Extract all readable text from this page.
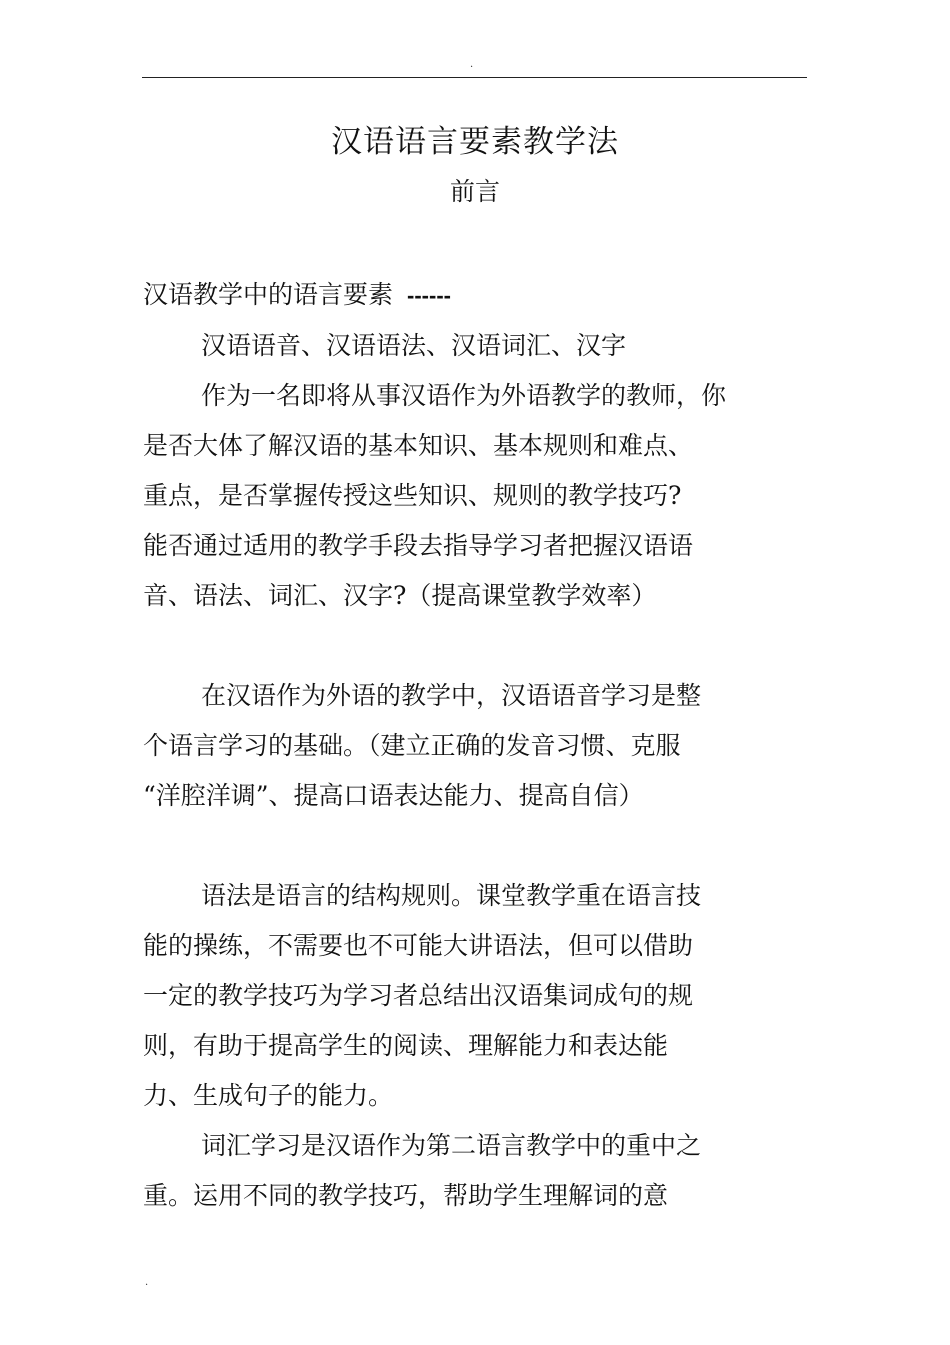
.
汉语语言要素教学法
前言

汉语教学中的语言要素 ------

汉语语音、汉语语法、汉语词汇、汉字

作为一名即将从事汉语作为外语教学的教师，你

是否大体了解汉语的基本知识、基本规则和难点、

重点，是否掌握传授这些知识、规则的教学技巧?

能否通过适用的教学手段去指导学习者把握汉语语

音、语法、词汇、汉字?（提高课堂教学效率）

在汉语作为外语的教学中，汉语语音学习是整

个语言学习的基础。（建立正确的发音习惯、克服

“洋腔洋调”、提高口语表达能力、提高自信）

语法是语言的结构规则。课堂教学重在语言技

能的操练，不需要也不可能大讲语法，但可以借助

一定的教学技巧为学习者总结出汉语集词成句的规

则，有助于提高学生的阅读、理解能力和表达能

力、生成句子的能力。

词汇学习是汉语作为第二语言教学中的重中之

重。运用不同的教学技巧，帮助学生理解词的意

.
